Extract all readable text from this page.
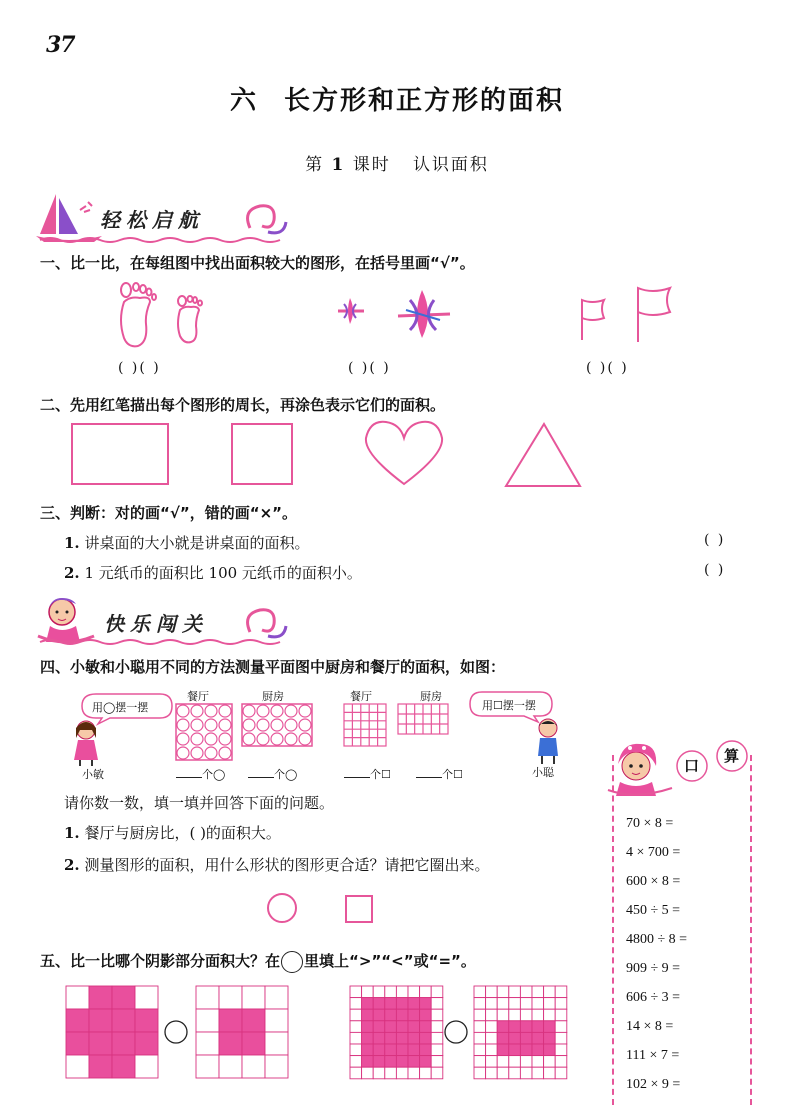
37
六 长方形和正方形的面积
第 1 课时 认识面积
轻松启航
一、比一比，在每组图中找出面积较大的图形，在括号里画“√”。
( )( )	( )( )	( )( )
二、先用红笔描出每个图形的周长，再涂色表示它们的面积。
三、判断：对的画“√”，错的画“×”。
1. 讲桌面的大小就是讲桌面的面积。	( )
2. 1 元纸币的面积比 100 元纸币的面积小。	( )
快乐闯关
四、小敏和小聪用不同的方法测量平面图中厨房和餐厅的面积，如图：
用◯摆一摆
小敏
餐厅	厨房	餐厅	厨房
个◯	个◯	个☐	个☐
用☐摆一摆
小聪
请你数一数，填一填并回答下面的问题。
1. 餐厅与厨房比，( )的面积大。
2. 测量图形的面积，用什么形状的图形更合适？请把它圈出来。
五、比一比哪个阴影部分面积大？在 里填上“>”“<”或“=”。
口
算
70 × 8 =
4 × 700 =
600 × 8 =
450 ÷ 5 =
4800 ÷ 8 =
909 ÷ 9 =
606 ÷ 3 =
14 × 8 =
111 × 7 =
102 × 9 =
